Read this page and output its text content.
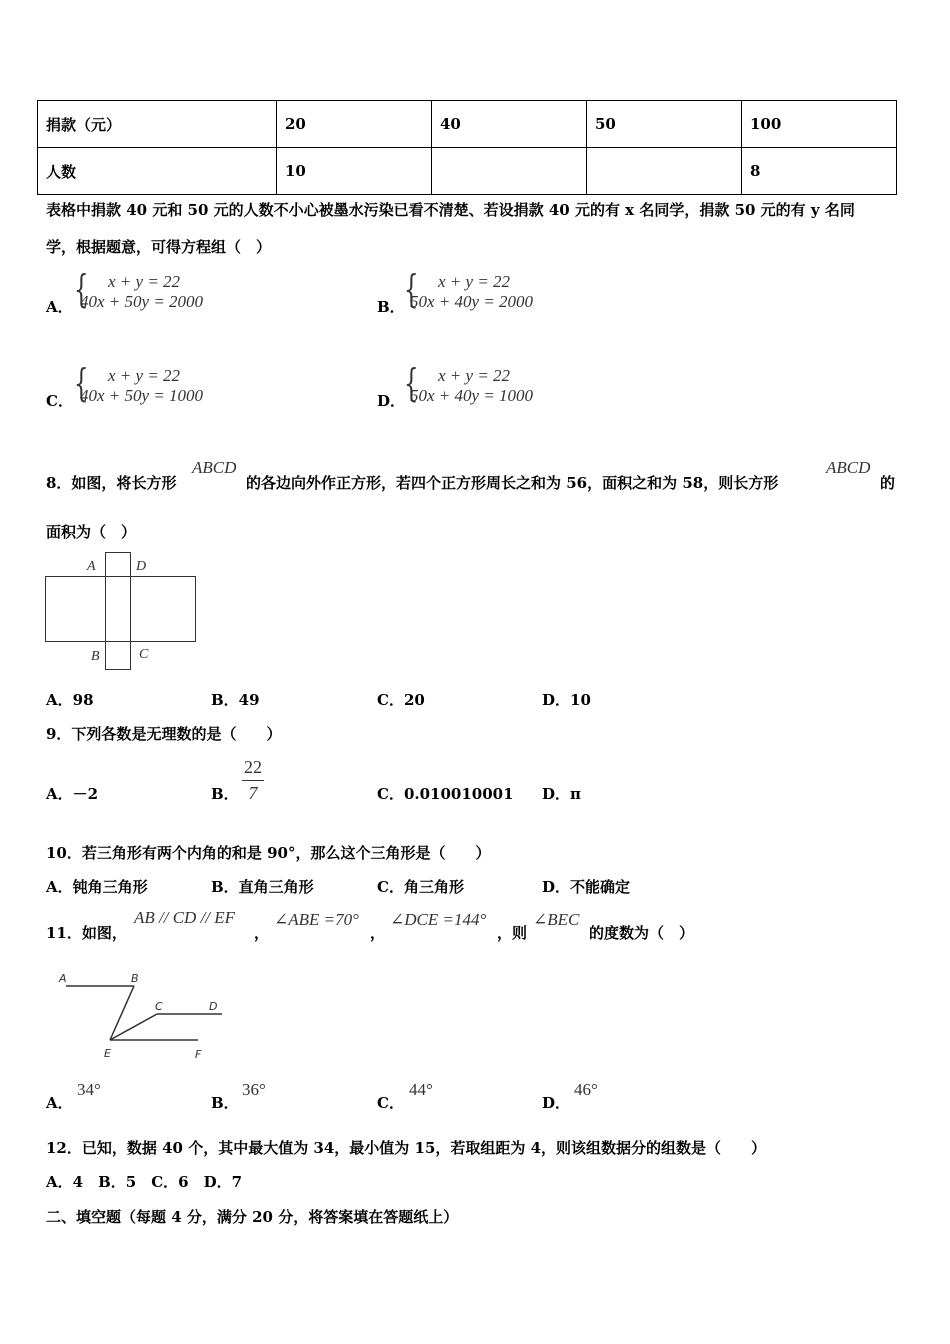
捐款（元）	20	40	50	100
人数	10			8
表格中捐款 40 元和 50 元的人数不小心被墨水污染已看不清楚、若设捐款 40 元的有 x 名同学，捐款 50 元的有 y 名同
学，根据题意，可得方程组（　）
A． { x + y = 22
40x + 50y = 2000	B． { x + y = 22
50x + 40y = 2000
C． { x + y = 22
40x + 50y = 1000	D．
{ x + y = 22
50x + 40y = 1000
8．如图，将长方形
ABCD
的各边向外作正方形，若四个正方形周长之和为 56，面积之和为 58，则长方形
ABCD
的
面积为（　）
A	D
B	C
A．98	B．49	C．20	D．10
9．下列各数是无理数的是（　　）
A．－2	B．
22
7	C．0.010010001 D．π
10．若三角形有两个内角的和是 90°，那么这个三角形是（　　）
A．钝角三角形	B．直角三角形	C．角三角形	D．不能确定
11．如图，
AB // CD // EF
，
∠ABE =70°
，
∠DCE =144°
，则
∠BEC
的度数为（　）
A	B
C	D
E	F
A．
34°
B．
36°
C．
44°
D．
46°
12．已知，数据 40 个，其中最大值为 34，最小值为 15，若取组距为 4，则该组数据分的组数是（　　）
A．4　B．5　C．6　D．7
二、填空题（每题 4 分，满分 20 分，将答案填在答题纸上）
